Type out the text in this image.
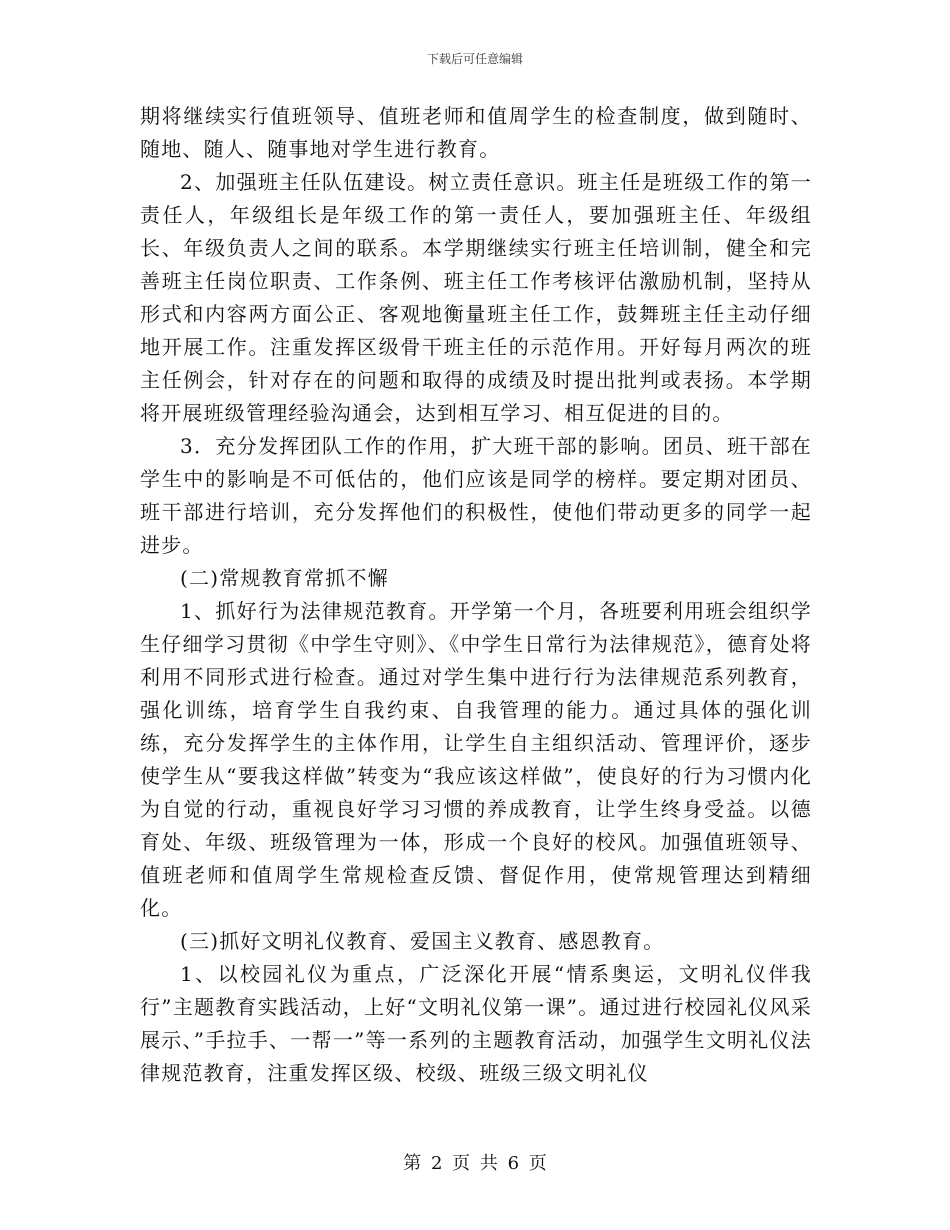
下载后可任意编辑

期将继续实行值班领导、值班老师和值周学生的检查制度，做到随时、随地、随人、随事地对学生进行教育。

2、加强班主任队伍建设。树立责任意识。班主任是班级工作的第一责任人，年级组长是年级工作的第一责任人，要加强班主任、年级组长、年级负责人之间的联系。本学期继续实行班主任培训制，健全和完善班主任岗位职责、工作条例、班主任工作考核评估激励机制，坚持从形式和内容两方面公正、客观地衡量班主任工作，鼓舞班主任主动仔细地开展工作。注重发挥区级骨干班主任的示范作用。开好每月两次的班主任例会，针对存在的问题和取得的成绩及时提出批判或表扬。本学期将开展班级管理经验沟通会，达到相互学习、相互促进的目的。

3．充分发挥团队工作的作用，扩大班干部的影响。团员、班干部在学生中的影响是不可低估的，他们应该是同学的榜样。要定期对团员、班干部进行培训，充分发挥他们的积极性，使他们带动更多的同学一起进步。

(二)常规教育常抓不懈

1、抓好行为法律规范教育。开学第一个月，各班要利用班会组织学生仔细学习贯彻《中学生守则》、《中学生日常行为法律规范》，德育处将利用不同形式进行检查。通过对学生集中进行行为法律规范系列教育，强化训练，培育学生自我约束、自我管理的能力。通过具体的强化训练，充分发挥学生的主体作用，让学生自主组织活动、管理评价，逐步使学生从“要我这样做”转变为“我应该这样做”，使良好的行为习惯内化为自觉的行动，重视良好学习习惯的养成教育，让学生终身受益。以德育处、年级、班级管理为一体，形成一个良好的校风。加强值班领导、值班老师和值周学生常规检查反馈、督促作用，使常规管理达到精细化。

(三)抓好文明礼仪教育、爱国主义教育、感恩教育。

1、以校园礼仪为重点，广泛深化开展“情系奥运，文明礼仪伴我行”主题教育实践活动，上好“文明礼仪第一课”。通过进行校园礼仪风采展示、”手拉手、一帮一”等一系列的主题教育活动，加强学生文明礼仪法律规范教育，注重发挥区级、校级、班级三级文明礼仪

第 2 页 共 6 页
